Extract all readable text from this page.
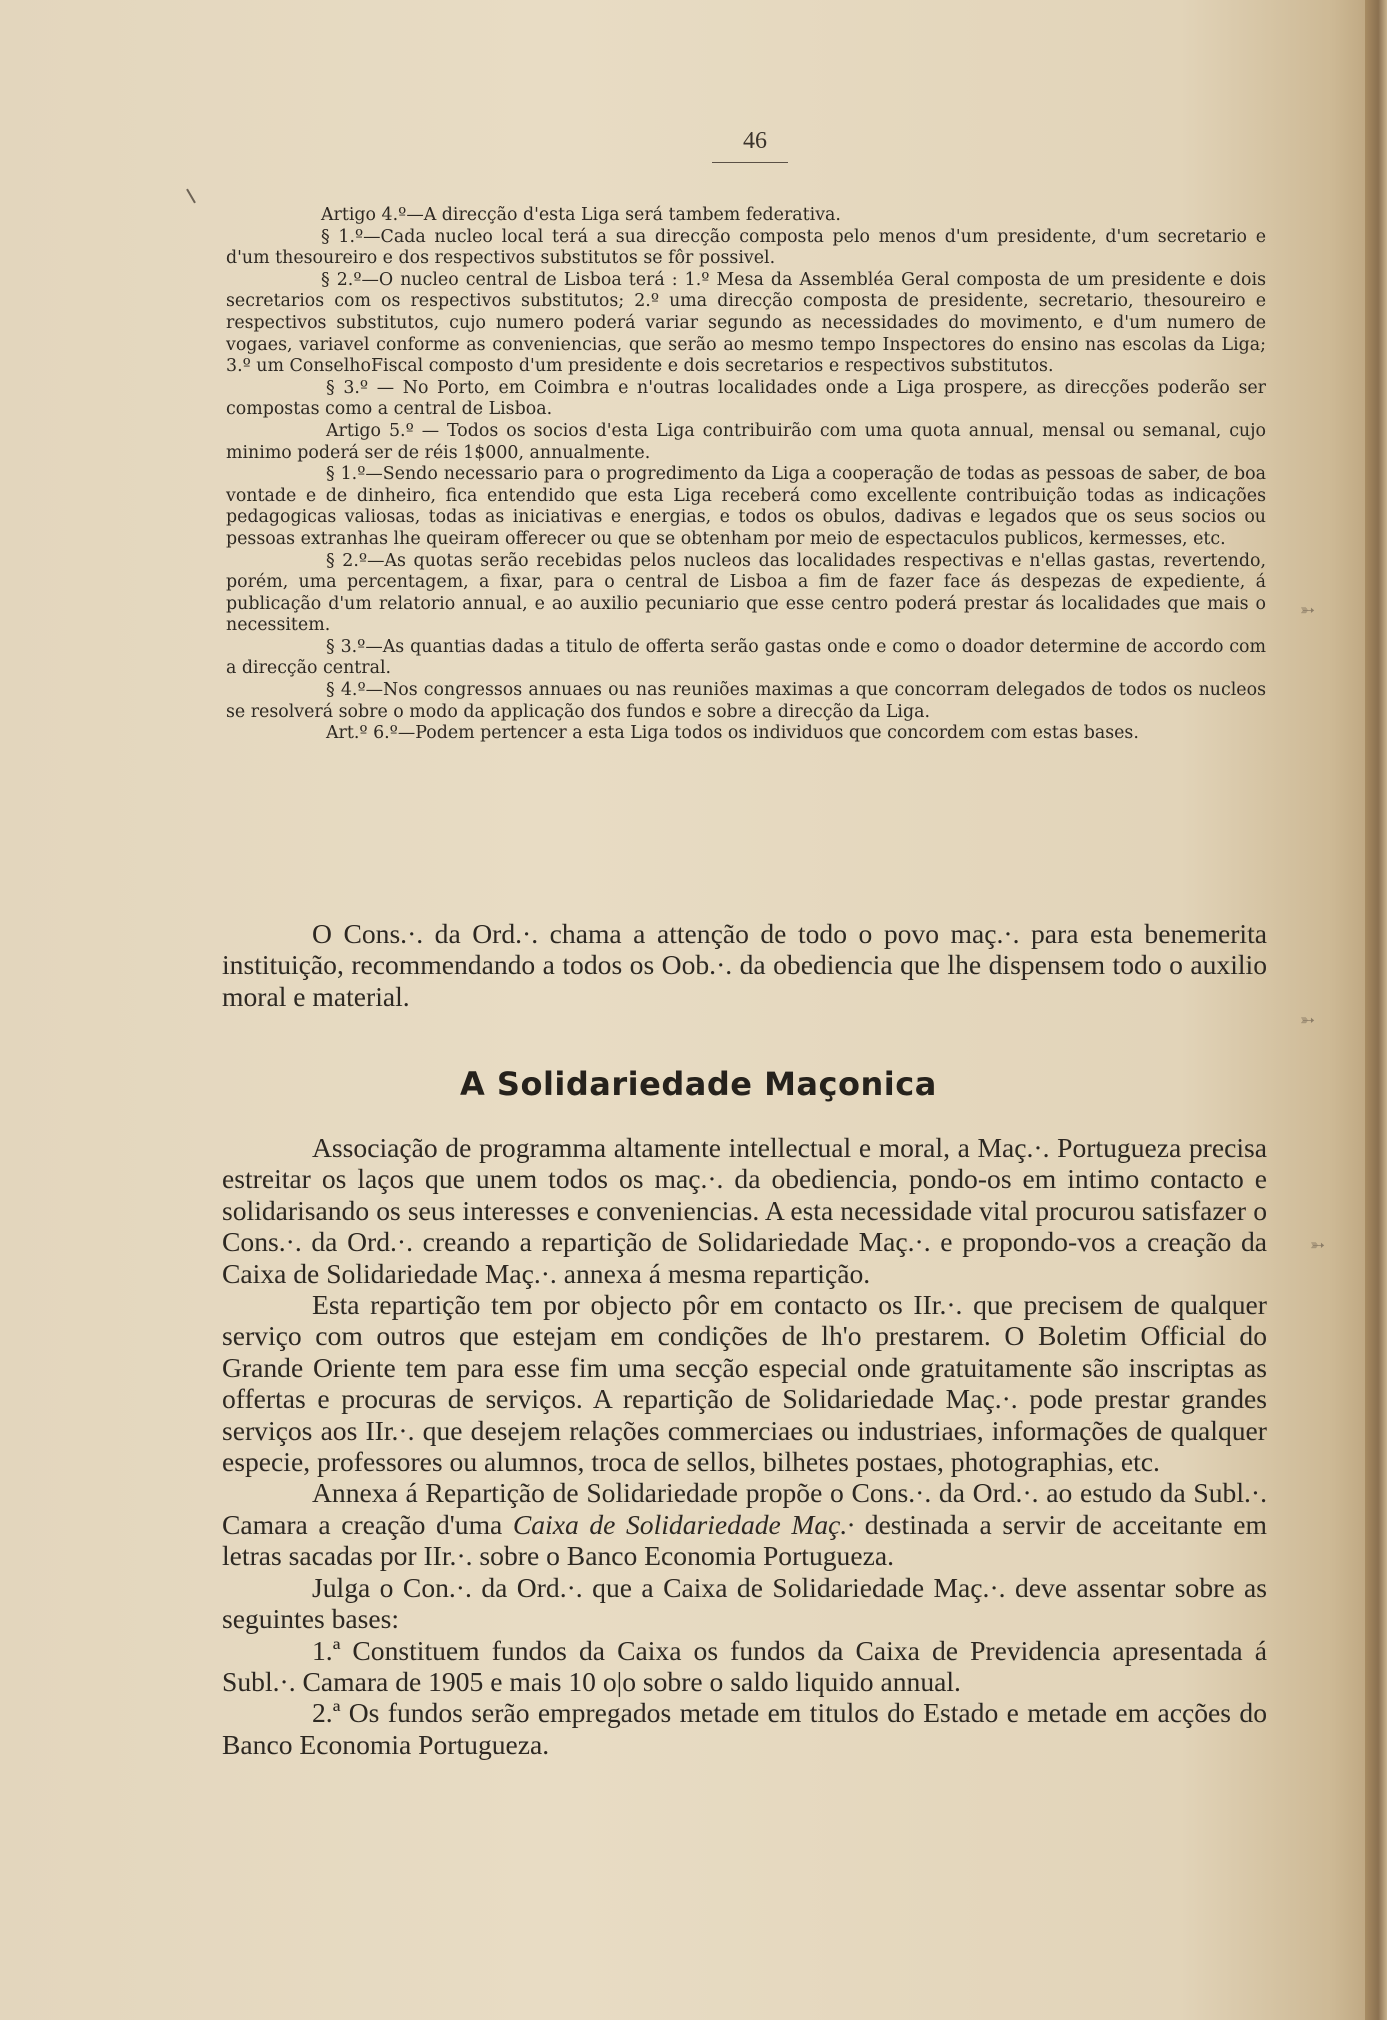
46

Artigo 4.º—A direcção d'esta Liga será tambem federativa.

§ 1.º—Cada nucleo local terá a sua direcção composta pelo menos d'um presidente, d'um secretario e d'um thesoureiro e dos respectivos substitutos se fôr possivel.

§ 2.º—O nucleo central de Lisboa terá : 1.º Mesa da Assembléa Geral composta de um presidente e dois secretarios com os respectivos substitutos; 2.º uma direcção composta de presidente, secretario, thesoureiro e respectivos substitutos, cujo numero poderá variar segundo as necessidades do movimento, e d'um numero de vogaes, variavel conforme as conveniencias, que serão ao mesmo tempo Inspectores do ensino nas escolas da Liga; 3.º um ConselhoFiscal composto d'um presidente e dois secretarios e respectivos substitutos.

§ 3.º — No Porto, em Coimbra e n'outras localidades onde a Liga prospere, as direcções poderão ser compostas como a central de Lisboa.

Artigo 5.º — Todos os socios d'esta Liga contribuirão com uma quota annual, mensal ou semanal, cujo minimo poderá ser de réis 1$000, annualmente.

§ 1.º—Sendo necessario para o progredimento da Liga a cooperação de todas as pessoas de saber, de boa vontade e de dinheiro, fica entendido que esta Liga receberá como excellente contribuição todas as indicações pedagogicas valiosas, todas as iniciativas e energias, e todos os obulos, dadivas e legados que os seus socios ou pessoas extranhas lhe queiram offerecer ou que se obtenham por meio de espectaculos publicos, kermesses, etc.

§ 2.º—As quotas serão recebidas pelos nucleos das localidades respectivas e n'ellas gastas, revertendo, porém, uma percentagem, a fixar, para o central de Lisboa a fim de fazer face ás despezas de expediente, á publicação d'um relatorio annual, e ao auxilio pecuniario que esse centro poderá prestar ás localidades que mais o necessitem.

§ 3.º—As quantias dadas a titulo de offerta serão gastas onde e como o doador determine de accordo com a direcção central.

§ 4.º—Nos congressos annuaes ou nas reuniões maximas a que concorram delegados de todos os nucleos se resolverá sobre o modo da applicação dos fundos e sobre a direcção da Liga.

Art.º 6.º—Podem pertencer a esta Liga todos os individuos que concordem com estas bases.

O Cons.·. da Ord.·. chama a attenção de todo o povo maç.·. para esta benemerita instituição, recommendando a todos os Oob.·. da obediencia que lhe dispensem todo o auxilio moral e material.

A Solidariedade Maçonica

Associação de programma altamente intellectual e moral, a Maç.·. Portugueza precisa estreitar os laços que unem todos os maç.·. da obediencia, pondo-os em intimo contacto e solidarisando os seus interesses e conveniencias. A esta necessidade vital procurou satisfazer o Cons.·. da Ord.·. creando a repartição de Solidariedade Maç.·. e propondo-vos a creação da Caixa de Solidariedade Maç.·. annexa á mesma repartição.

Esta repartição tem por objecto pôr em contacto os IIr.·. que precisem de qualquer serviço com outros que estejam em condições de lh'o prestarem. O Boletim Official do Grande Oriente tem para esse fim uma secção especial onde gratuitamente são inscriptas as offertas e procuras de serviços. A repartição de Solidariedade Maç.·. pode prestar grandes serviços aos IIr.·. que desejem relações commerciaes ou industriaes, informações de qualquer especie, professores ou alumnos, troca de sellos, bilhetes postaes, photographias, etc.

Annexa á Repartição de Solidariedade propõe o Cons.·. da Ord.·. ao estudo da Subl.·. Camara a creação d'uma Caixa de Solidariedade Maç.· destinada a servir de acceitante em letras sacadas por IIr.·. sobre o Banco Economia Portugueza.

Julga o Con.·. da Ord.·. que a Caixa de Solidariedade Maç.·. deve assentar sobre as seguintes bases:

1.ª Constituem fundos da Caixa os fundos da Caixa de Previdencia apresentada á Subl.·. Camara de 1905 e mais 10 o|o sobre o saldo liquido annual.

2.ª Os fundos serão empregados metade em titulos do Estado e metade em acções do Banco Economia Portugueza.

➳
➳
➳
